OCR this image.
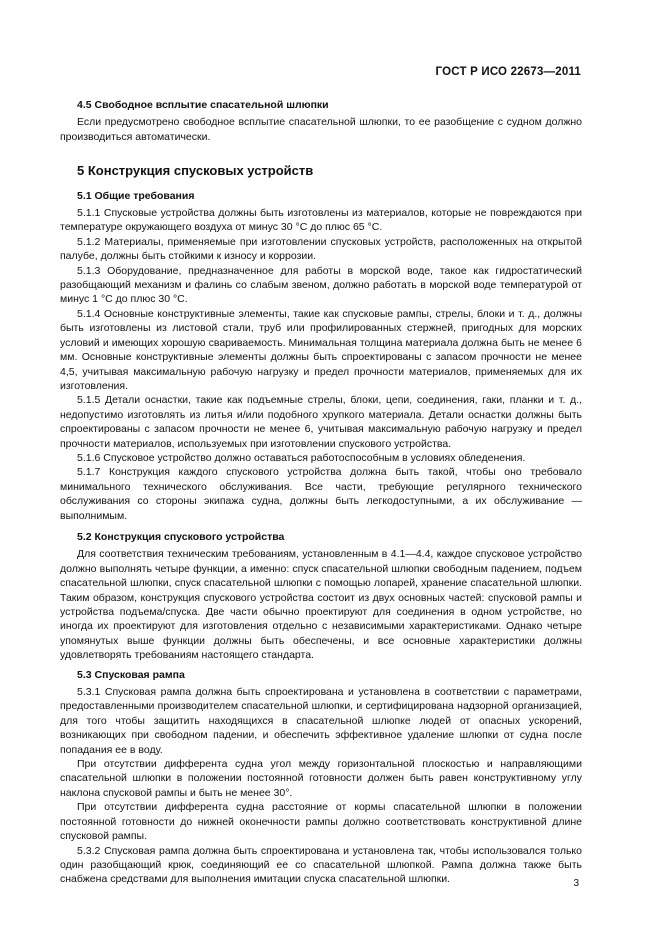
ГОСТ Р ИСО 22673—2011
4.5 Свободное всплытие спасательной шлюпки

Если предусмотрено свободное всплытие спасательной шлюпки, то ее разобщение с судном должно производиться автоматически.

5 Конструкция спусковых устройств
5.1 Общие требования

5.1.1 Спусковые устройства должны быть изготовлены из материалов, которые не повреждаются при температуре окружающего воздуха от минус 30 °С до плюс 65 °С.

5.1.2 Материалы, применяемые при изготовлении спусковых устройств, расположенных на открытой палубе, должны быть стойкими к износу и коррозии.

5.1.3 Оборудование, предназначенное для работы в морской воде, такое как гидростатический разобщающий механизм и фалинь со слабым звеном, должно работать в морской воде температурой от минус 1 °С до плюс 30 °С.

5.1.4 Основные конструктивные элементы, такие как спусковые рампы, стрелы, блоки и т. д., должны быть изготовлены из листовой стали, труб или профилированных стержней, пригодных для морских условий и имеющих хорошую свариваемость. Минимальная толщина материала должна быть не менее 6 мм. Основные конструктивные элементы должны быть спроектированы с запасом прочности не менее 4,5, учитывая максимальную рабочую нагрузку и предел прочности материалов, применяемых для их изготовления.

5.1.5 Детали оснастки, такие как подъемные стрелы, блоки, цепи, соединения, гаки, планки и т. д., недопустимо изготовлять из литья и/или подобного хрупкого материала. Детали оснастки должны быть спроектированы с запасом прочности не менее 6, учитывая максимальную рабочую нагрузку и предел прочности материалов, используемых при изготовлении спускового устройства.

5.1.6 Спусковое устройство должно оставаться работоспособным в условиях обледенения.

5.1.7 Конструкция каждого спускового устройства должна быть такой, чтобы оно требовало минимального технического обслуживания. Все части, требующие регулярного технического обслуживания со стороны экипажа судна, должны быть легкодоступными, а их обслуживание — выполнимым.

5.2 Конструкция спускового устройства

Для соответствия техническим требованиям, установленным в 4.1—4.4, каждое спусковое устройство должно выполнять четыре функции, а именно: спуск спасательной шлюпки свободным падением, подъем спасательной шлюпки, спуск спасательной шлюпки с помощью лопарей, хранение спасательной шлюпки. Таким образом, конструкция спускового устройства состоит из двух основных частей: спусковой рампы и устройства подъема/спуска. Две части обычно проектируют для соединения в одном устройстве, но иногда их проектируют для изготовления отдельно с независимыми характеристиками. Однако четыре упомянутых выше функции должны быть обеспечены, и все основные характеристики должны удовлетворять требованиям настоящего стандарта.

5.3 Спусковая рампа

5.3.1 Спусковая рампа должна быть спроектирована и установлена в соответствии с параметрами, предоставленными производителем спасательной шлюпки, и сертифицирована надзорной организацией, для того чтобы защитить находящихся в спасательной шлюпке людей от опасных ускорений, возникающих при свободном падении, и обеспечить эффективное удаление шлюпки от судна после попадания ее в воду.

При отсутствии дифферента судна угол между горизонтальной плоскостью и направляющими спасательной шлюпки в положении постоянной готовности должен быть равен конструктивному углу наклона спусковой рампы и быть не менее 30°.

При отсутствии дифферента судна расстояние от кормы спасательной шлюпки в положении постоянной готовности до нижней оконечности рампы должно соответствовать конструктивной длине спусковой рампы.

5.3.2 Спусковая рампа должна быть спроектирована и установлена так, чтобы использовался только один разобщающий крюк, соединяющий ее со спасательной шлюпкой. Рампа должна также быть снабжена средствами для выполнения имитации спуска спасательной шлюпки.	3
